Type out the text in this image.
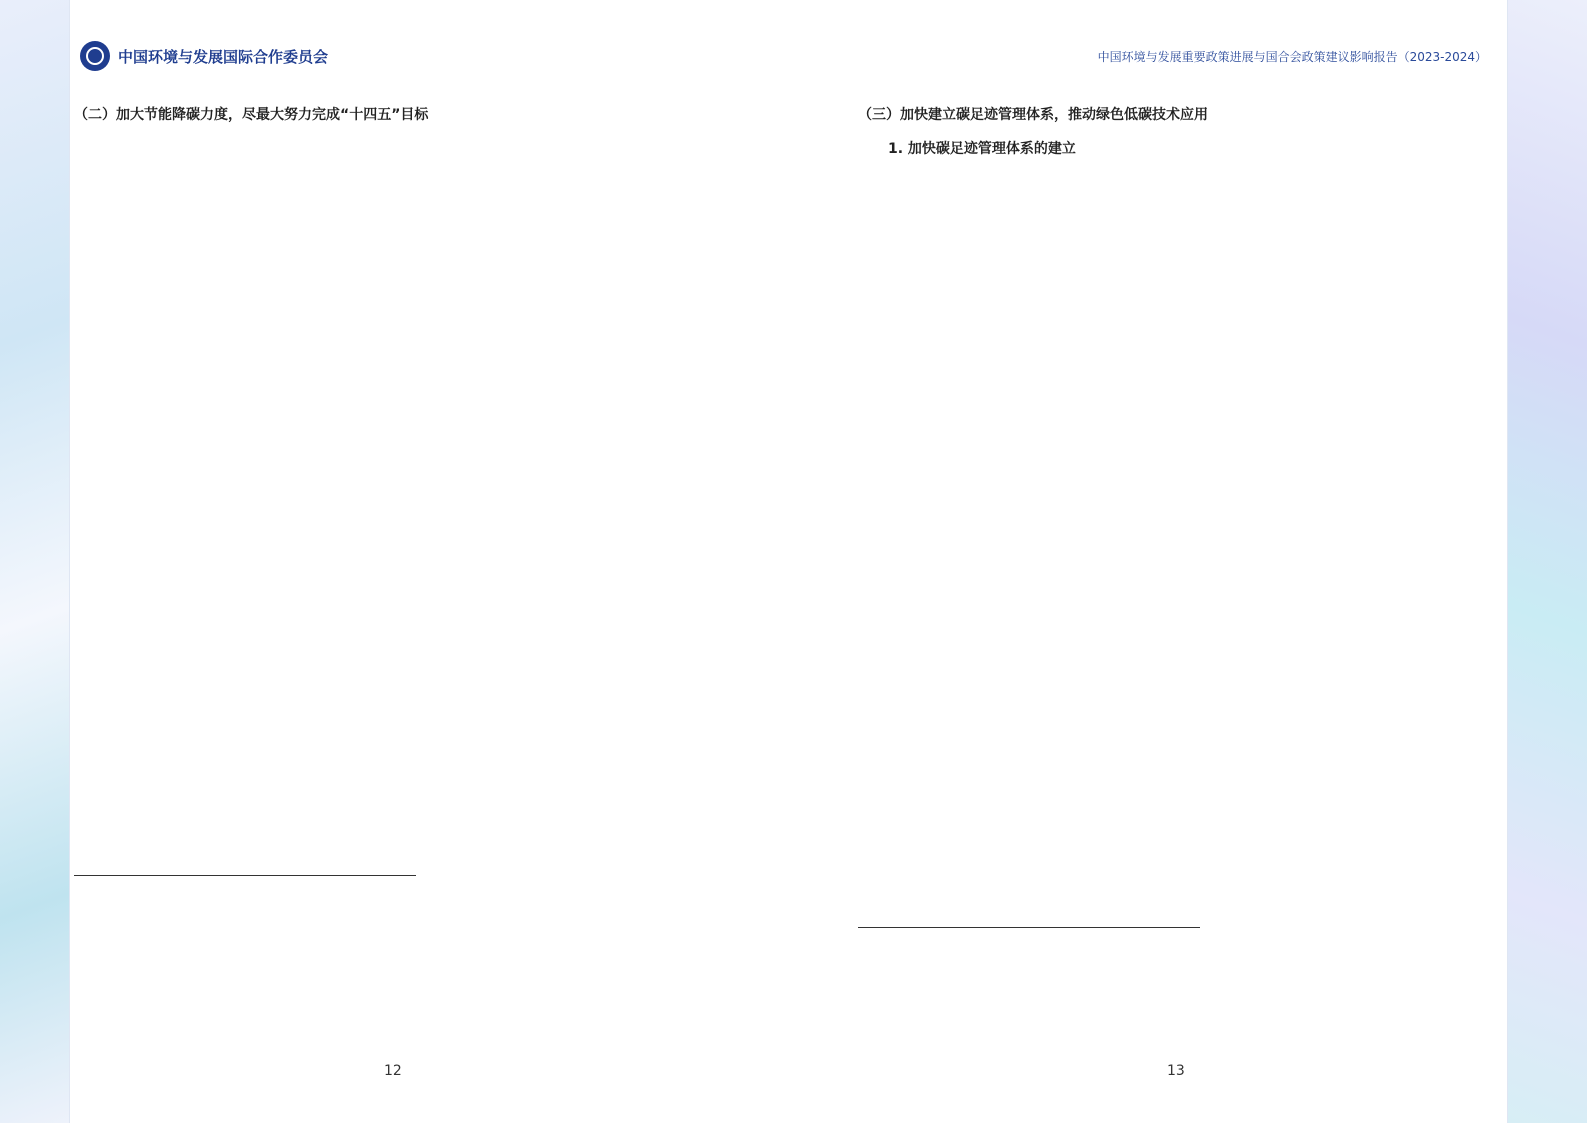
中国环境与发展国际合作委员会	中国环境与发展重要政策进展与国合会政策建议影响报告（2023-2024）

（二）加大节能降碳力度，尽最大努力完成“十四五”目标	（三）加快建立碳足迹管理体系，推动绿色低碳技术应用
1. 加快碳足迹管理体系的建立

12	13
